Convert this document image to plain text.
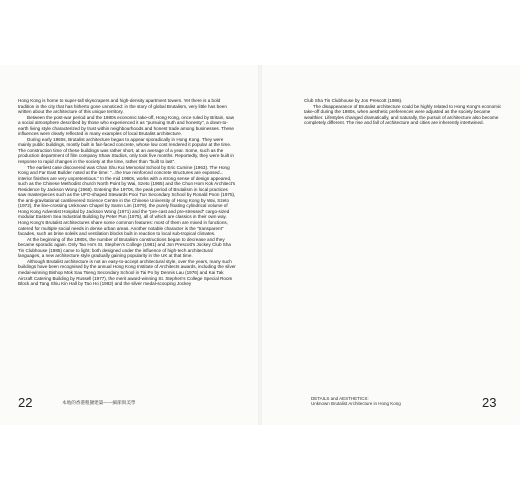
Hong Kong is home to super-tall skyscrapers and high-density apartment towers. Yet there is a bold tradition in the city that has hitherto gone unnoticed: in the story of global Brutalism, very little has been written about the architecture of this unique territory.

Between the post-war period and the 1980s economic take-off, Hong Kong, once ruled by Britain, saw a social atmosphere described by those who experienced it as "pursuing truth and honesty", a down-to-earth living style characterized by trust within neighbourhoods and honest trade among businesses. These influences were clearly reflected in many examples of local Brutalist architecture.

During early 1960s, Brutalist architecture began to appear sporadically in Hong Kong. They were mainly public buildings, mostly built in fair-faced concrete, whose low cost rendered it popular at the time. The construction time of these buildings was rather short, at an average of a year. Some, such as the production department of film company Shaw Studios, only took five months. Reportedly, they were built in response to rapid changes in the society at the time, rather than "built to last".

The earliest case discovered was Chan Shu Kui Memorial School by Eric Cumine (1963). The Hong Kong and Far East Builder noted at the time: "...the true reinforced concrete structures are exposed... interior finishes are very unpretentious." In the mid 1960s, works with a strong sense of design appeared, such as the Chinese Methodist church North Point by Wai, Szeto (1965) and the Chun Hom Kok Architect's Residence by Jackson Wong (1966). Entering the 1970s, the peak period of Brutalism in local practices saw masterpieces such as the UFO-shaped Stewards Pooi Tun Secondary School by Ronald Poon (1975), the anti-gravitational cantilevered Science Centre in the Chinese University of Hong Kong by Wai, Szeto (1972), the line-crossing Unknown Chapel by Samn Lim (1979), the purely floating cylindrical volume of Hong Kong Adventist Hospital by Jackson Wong (1971) and the "pre-cast and pre-stressed" cargo-sized modular Eastern Sea Industrial Building by Peter Pun (1975), all of which are classics in their own way. Hong Kong's Brutalist architectures share some common features: most of them are mixed in functions, catered for multiple social needs in dense urban areas. Another notable character is the "transparent" facades, such as brise soleils and ventilation blocks built in reaction to local sub-tropical climates.

At the beginning of the 1980s, the number of Brutalism constructions began to decrease and they became sporadic again. Only Tao Ho's St. Stephen's College (1981) and Jon Prescott's Jockey Club Sha Tin Clubhouse (1985) came to light; both designed under the influence of high-tech architectural languages, a new architecture style gradually gaining popularity in the UK at that time.

Although Brutalist architecture is not an easy-to-accept architectural style, over the years, many such buildings have been recognised by the annual Hong Kong Institute of Architects awards, including the silver medal-winning Bishop Mok Sau Tseng Secondary School in Tai Po by Dennis Lau (1976) and Kai Tak Aircraft Catering Building by Russell (1977), the merit award-winning St. Stephen's College Special Room Block and Tang Shiu Kin Hall by Tao Ho (1982) and the silver medal-scooping Jockey

Club Sha Tin Clubhouse by Jon Prescott (1986).

The disappearance of Brutalist architecture could be highly related to Hong Kong's economic take-off during the 1980s, when aesthetic preferences were adjusted as the society became wealthier. Lifestyles changed dramatically, and naturally, the pursuit of architecture also become completely different. The rise and fall of architecture and cities are inherently intertwined.

22	本地的香港粗獷建築——細節與美學
DETAILS and AESTHETICS:
Unknown Brutalist Architecture in Hong Kong	23
